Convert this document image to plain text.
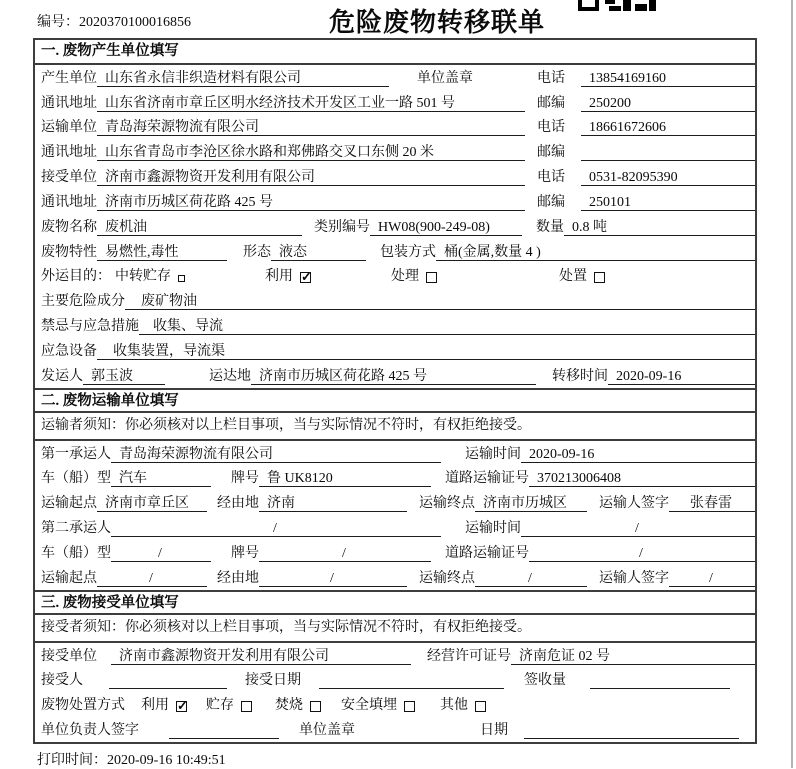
编号：2020370100016856	危险废物转移联单
一. 废物产生单位填写
产生单位 山东省永信非织造材料有限公司	单位盖章	电话	13854169160
通讯地址 山东省济南市章丘区明水经济技术开发区工业一路 501 号	邮编	250200
运输单位 青岛海荣源物流有限公司	电话	18661672606
通讯地址 山东省青岛市李沧区徐水路和郑佛路交叉口东侧 20 米	邮编
接受单位 济南市鑫源物资开发利用有限公司	电话	0531-82095390
通讯地址 济南市历城区荷花路 425 号	邮编	250101
废物名称 废机油	类别编号 HW08(900-249-08)	数量 0.8 吨
废物特性 易燃性,毒性	形态 液态	包装方式 桶(金属,数量 4 )
外运目的： 中转贮存	利用 ✓	处理	处置
主要危险成分	废矿物油
禁忌与应急措施	收集、导流
应急设备	收集装置，导流渠
发运人 郭玉波	运达地 济南市历城区荷花路 425 号	转移时间 2020-09-16
二. 废物运输单位填写
运输者须知：你必须核对以上栏目事项，当与实际情况不符时，有权拒绝接受。
第一承运人 青岛海荣源物流有限公司	运输时间 2020-09-16
车（船）型 汽车	牌号 鲁 UK8120	道路运输证号 370213006408
运输起点 济南市章丘区	经由地 济南	运输终点 济南市历城区	运输人签字	张春雷
第二承运人	/	运输时间	/
车（船）型	/	牌号	/	道路运输证号	/
运输起点	/	经由地	/	运输终点	/	运输人签字	/
三. 废物接受单位填写
接受者须知：你必须核对以上栏目事项，当与实际情况不符时，有权拒绝接受。
接受单位	济南市鑫源物资开发利用有限公司	经营许可证号 济南危证 02 号
接受人	接受日期	签收量
废物处置方式 利用 ✓	贮存	焚烧	安全填埋	其他
单位负责人签字	单位盖章	日期
打印时间：2020-09-16 10:49:51
